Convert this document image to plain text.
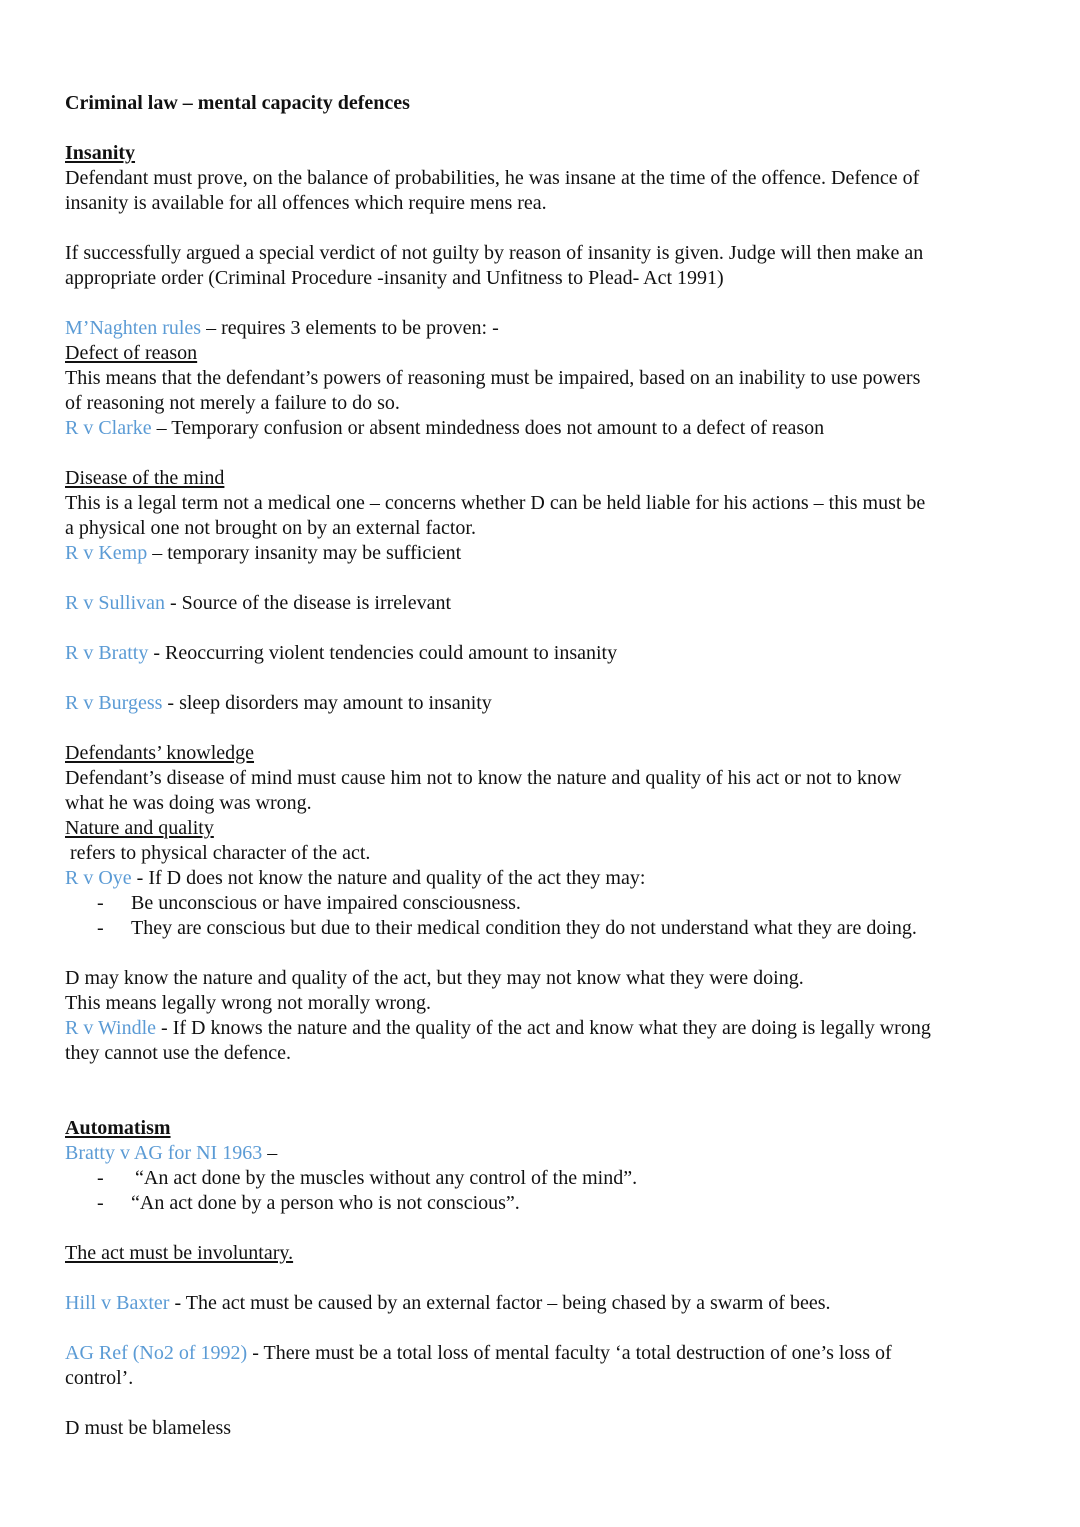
Criminal law – mental capacity defences
Insanity
Defendant must prove, on the balance of probabilities, he was insane at the time of the offence. Defence of
insanity is available for all offences which require mens rea.
If successfully argued a special verdict of not guilty by reason of insanity is given. Judge will then make an
appropriate order (Criminal Procedure -insanity and Unfitness to Plead- Act 1991)
M’Naghten rules – requires 3 elements to be proven: -
Defect of reason
This means that the defendant’s powers of reasoning must be impaired, based on an inability to use powers
of reasoning not merely a failure to do so.
R v Clarke – Temporary confusion or absent mindedness does not amount to a defect of reason
Disease of the mind
This is a legal term not a medical one – concerns whether D can be held liable for his actions – this must be
a physical one not brought on by an external factor.
R v Kemp – temporary insanity may be sufficient
R v Sullivan - Source of the disease is irrelevant
R v Bratty - Reoccurring violent tendencies could amount to insanity
R v Burgess - sleep disorders may amount to insanity
Defendants’ knowledge
Defendant’s disease of mind must cause him not to know the nature and quality of his act or not to know
what he was doing was wrong.
Nature and quality
refers to physical character of the act.
R v Oye - If D does not know the nature and quality of the act they may:
- Be unconscious or have impaired consciousness.
- They are conscious but due to their medical condition they do not understand what they are doing.
D may know the nature and quality of the act, but they may not know what they were doing.
This means legally wrong not morally wrong.
R v Windle - If D knows the nature and the quality of the act and know what they are doing is legally wrong
they cannot use the defence.
Automatism
Bratty v AG for NI 1963 –
- “An act done by the muscles without any control of the mind”.
- “An act done by a person who is not conscious”.
The act must be involuntary.
Hill v Baxter - The act must be caused by an external factor – being chased by a swarm of bees.
AG Ref (No2 of 1992) - There must be a total loss of mental faculty ‘a total destruction of one’s loss of
control’.
D must be blameless
